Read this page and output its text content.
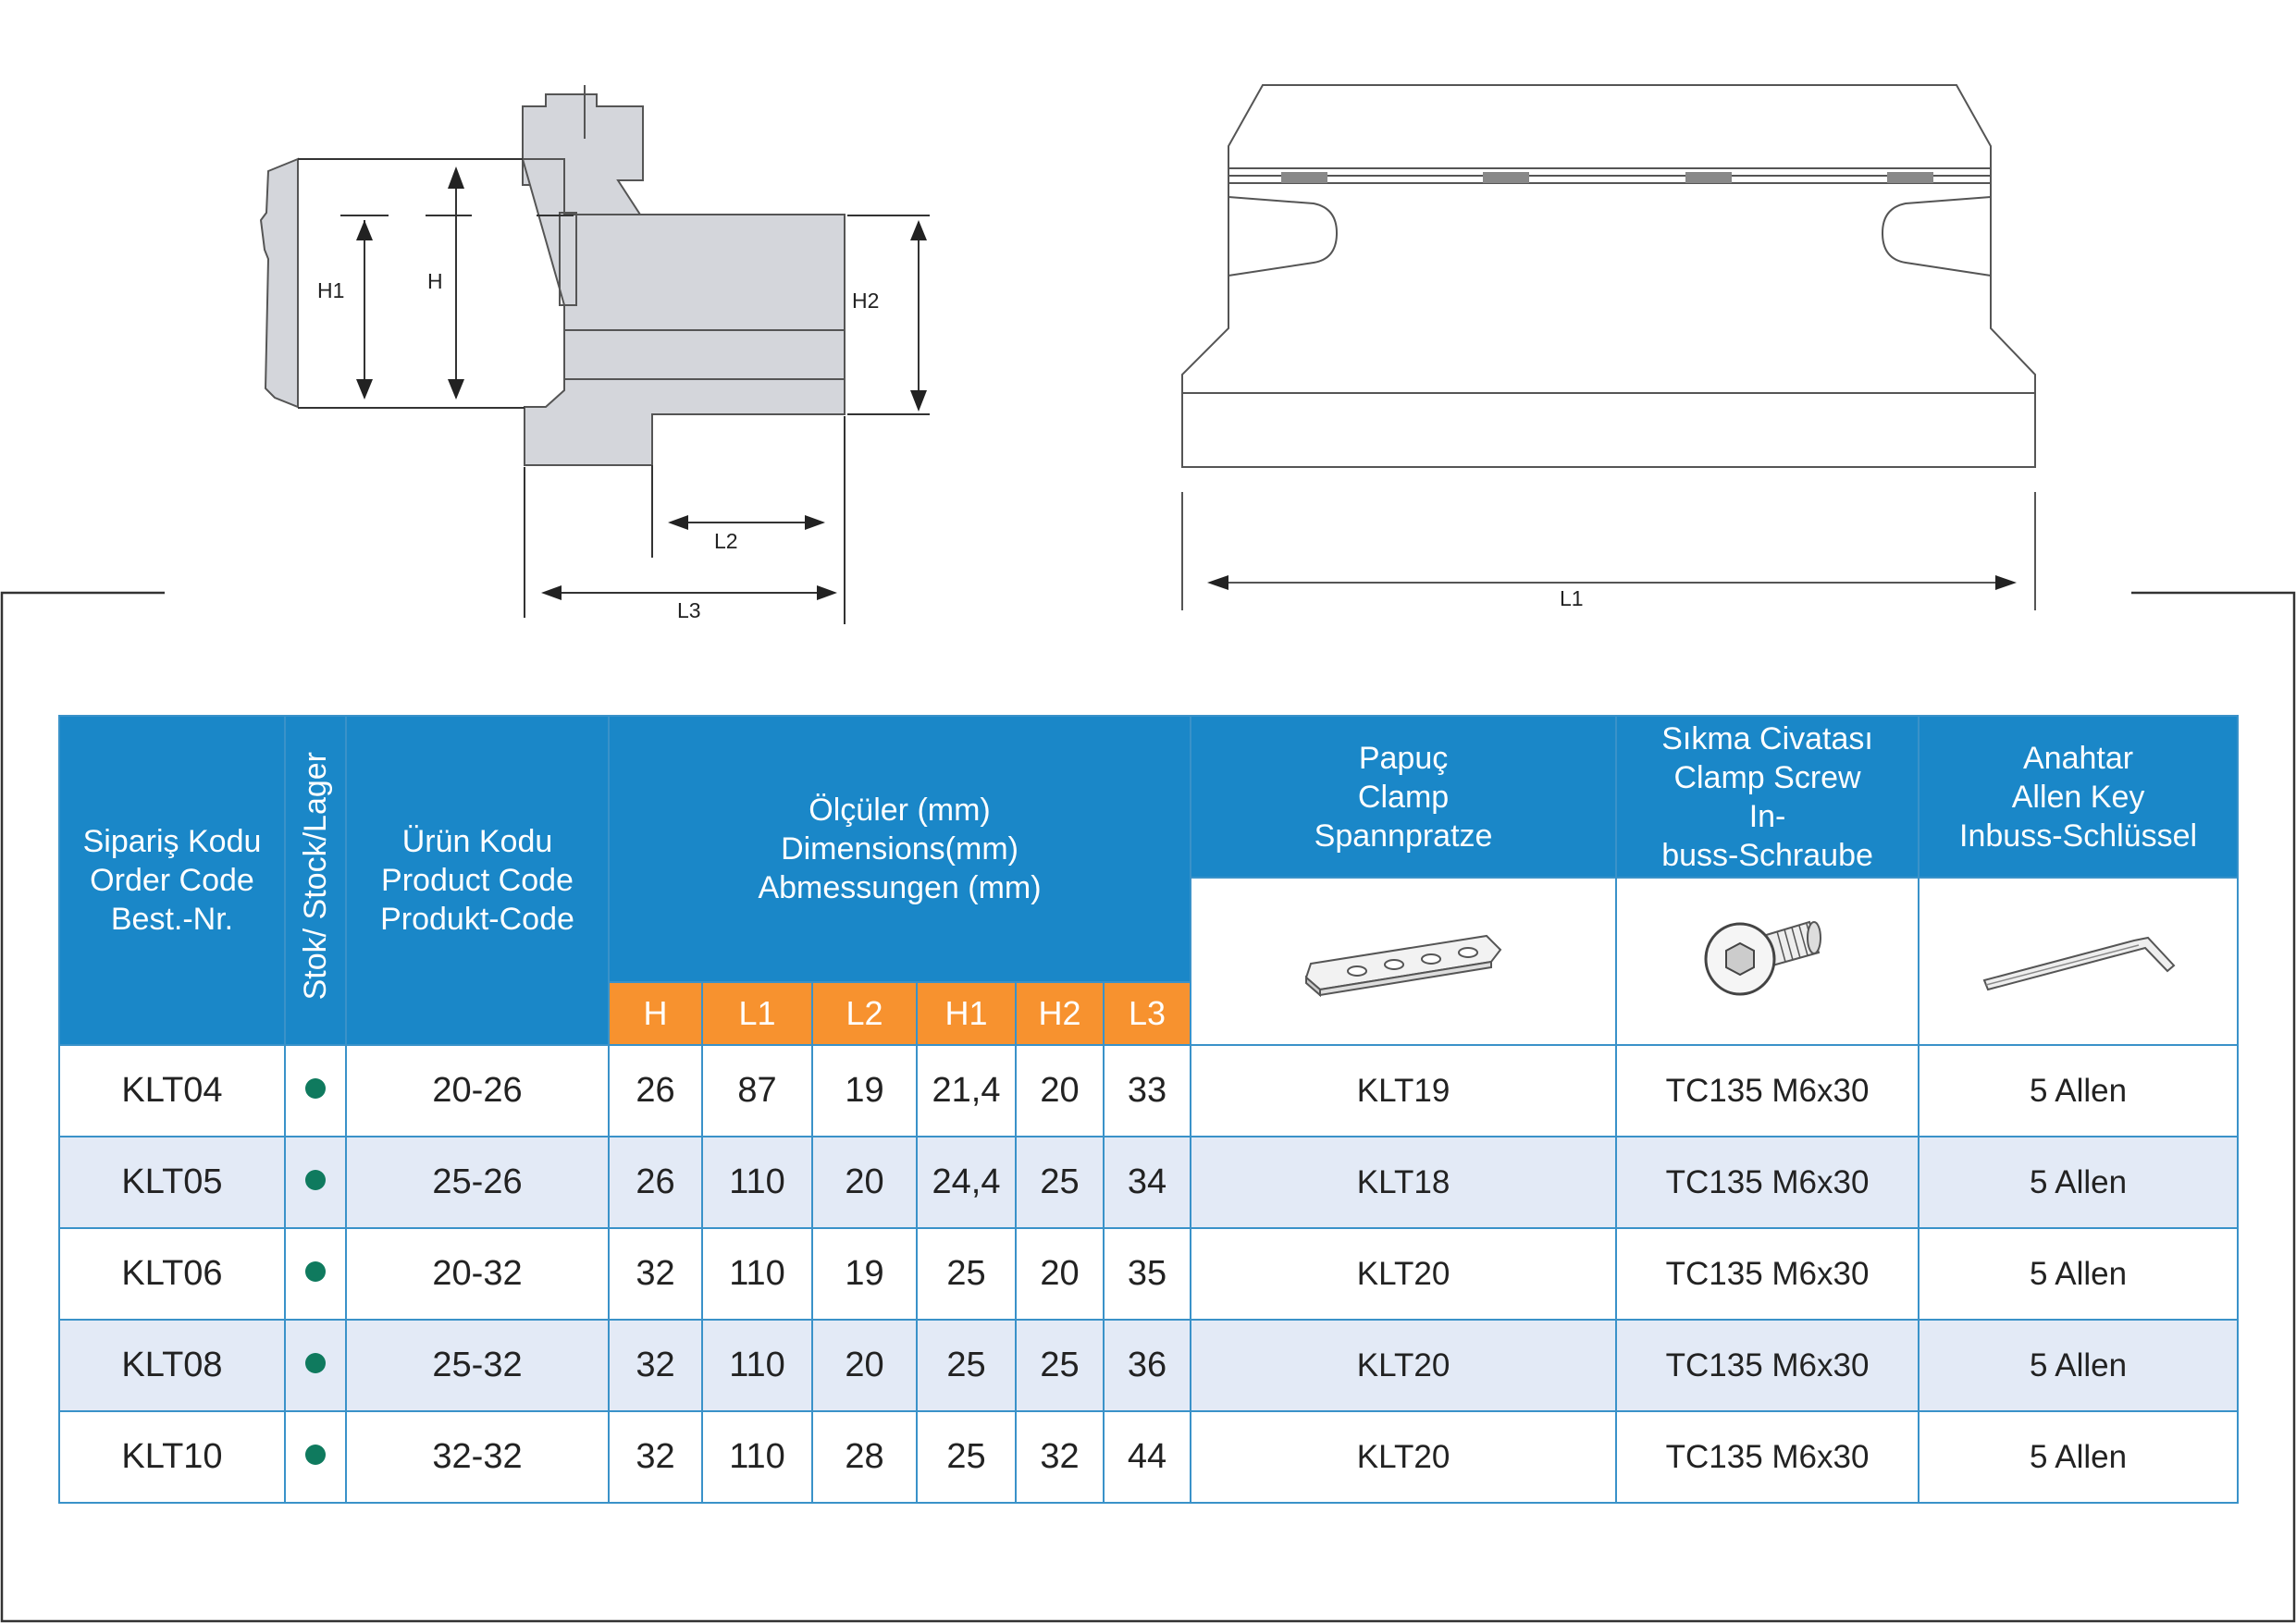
H1	H
H2
L2
L3	L1
Sipariş Kodu
Order Code
Best.-Nr.	Stok/ Stock/Lager	Ürün Kodu
Product Code
Produkt-Code	Ölçüler (mm)
Dimensions(mm)
Abmessungen (mm)						Papuç
Clamp
Spannpratze	Sıkma Civatası
Clamp Screw
In-
buss-Schraube	Anahtar
Allen Key
Inbuss-Schlüssel

			H	L1	L2	H1	H2	L3			
KLT04		20-26	26	87	19	21,4	20	33	KLT19	TC135 M6x30	5 Allen
KLT05		25-26	26	110	20	24,4	25	34	KLT18	TC135 M6x30	5 Allen
KLT06		20-32	32	110	19	25	20	35	KLT20	TC135 M6x30	5 Allen
KLT08		25-32	32	110	20	25	25	36	KLT20	TC135 M6x30	5 Allen
KLT10		32-32	32	110	28	25	32	44	KLT20	TC135 M6x30	5 Allen
